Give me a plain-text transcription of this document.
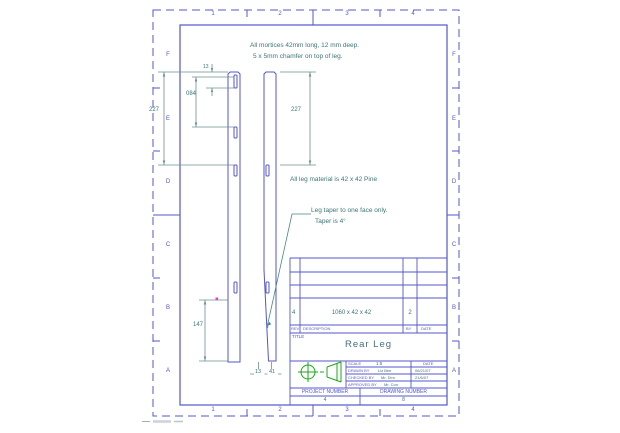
1	2	3	4
1	2	3	4
F
E
D
C
B
A
F
E
D
C
B
A
All mortices 42mm long, 12 mm deep.
5 x 5mm chamfer on top of leg.
All leg material is 42 x 42 Pine
Leg taper to one face only.
Taper is 4°
13
084
227	227
147
13 41
4	1060 x 42 x 42	2
REV DESCRIPTION	BY DATE
TITLE
Rear Leg
SCALE	1:5	DATE
DRAWN BY Liz Bee	06/21/07
CHECKED BY Mr. Dim	21/6/07
APPROVED BY Mr. Con
PROJECT NUMBER	DRAWING NUMBER
4	8
